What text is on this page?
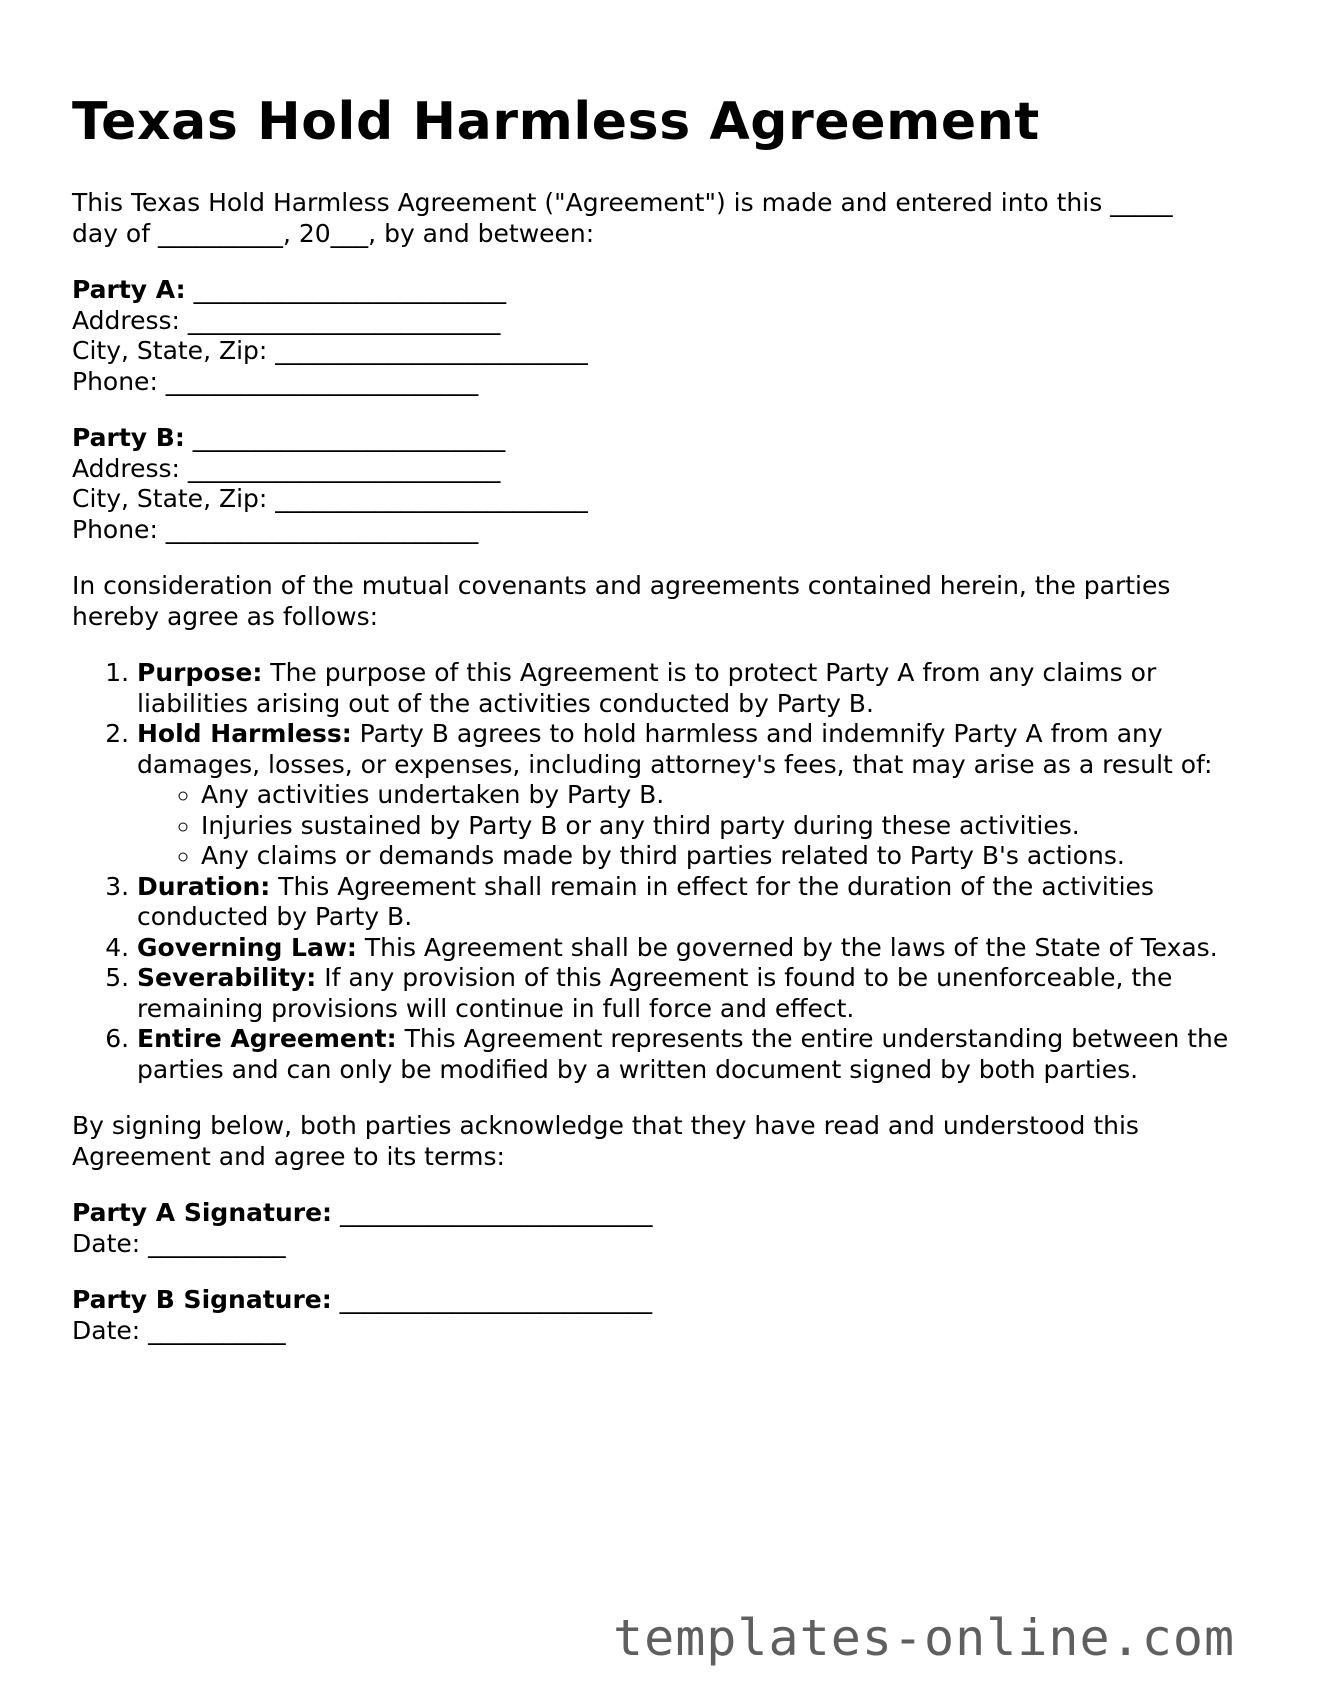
Texas Hold Harmless Agreement

This Texas Hold Harmless Agreement ("Agreement") is made and entered into this _____
day of __________, 20___, by and between:

Party A: _________________________
Address: _________________________
City, State, Zip: _________________________
Phone: _________________________

Party B: _________________________
Address: _________________________
City, State, Zip: _________________________
Phone: _________________________

In consideration of the mutual covenants and agreements contained herein, the parties hereby agree as follows:

1. Purpose: The purpose of this Agreement is to protect Party A from any claims or liabilities arising out of the activities conducted by Party B.
2. Hold Harmless: Party B agrees to hold harmless and indemnify Party A from any damages, losses, or expenses, including attorney's fees, that may arise as a result of:
◦ Any activities undertaken by Party B.
◦ Injuries sustained by Party B or any third party during these activities.
◦ Any claims or demands made by third parties related to Party B's actions.
3. Duration: This Agreement shall remain in effect for the duration of the activities conducted by Party B.
4. Governing Law: This Agreement shall be governed by the laws of the State of Texas.
5. Severability: If any provision of this Agreement is found to be unenforceable, the remaining provisions will continue in full force and effect.
6. Entire Agreement: This Agreement represents the entire understanding between the parties and can only be modified by a written document signed by both parties.

By signing below, both parties acknowledge that they have read and understood this Agreement and agree to its terms:

Party A Signature: _________________________
Date: ___________

Party B Signature: _________________________
Date: ___________

templates-online.com
